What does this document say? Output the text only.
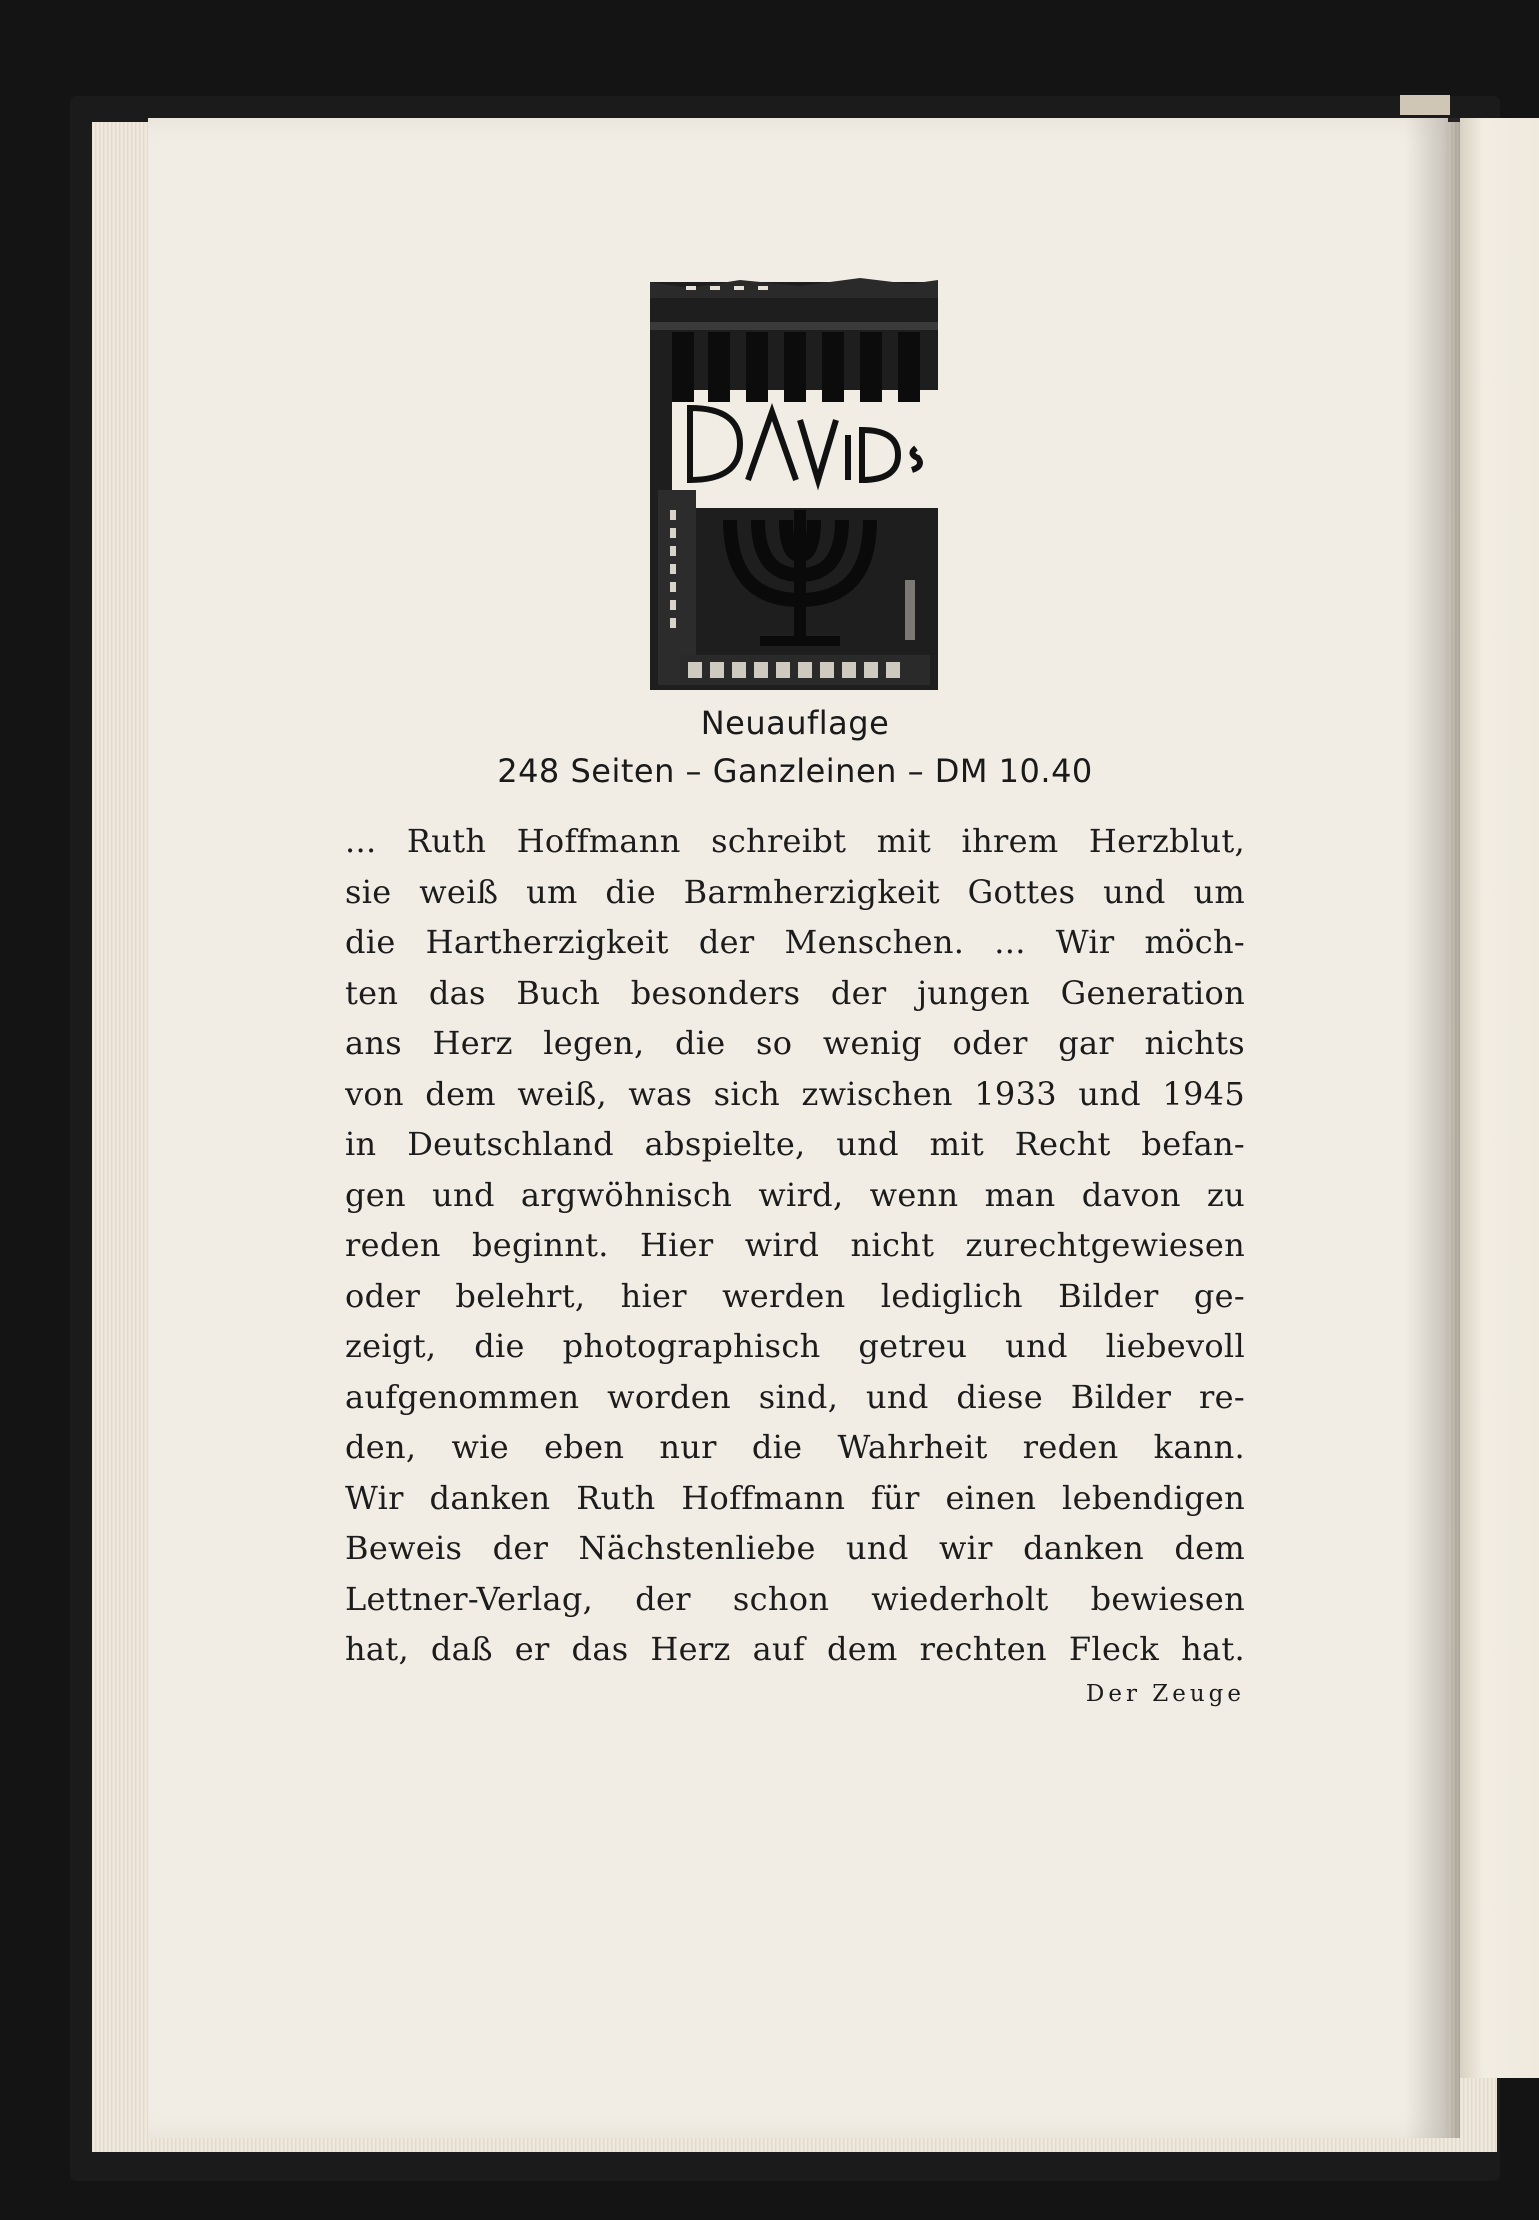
Neuauflage
248 Seiten – Ganzleinen – DM 10.40
... Ruth Hoffmann schreibt mit ihrem Herzblut,
sie weiß um die Barmherzigkeit Gottes und um
die Hartherzigkeit der Menschen. ... Wir möch-
ten das Buch besonders der jungen Generation
ans Herz legen, die so wenig oder gar nichts
von dem weiß, was sich zwischen 1933 und 1945
in Deutschland abspielte, und mit Recht befan-
gen und argwöhnisch wird, wenn man davon zu
reden beginnt. Hier wird nicht zurechtgewiesen
oder belehrt, hier werden lediglich Bilder ge-
zeigt, die photographisch getreu und liebevoll
aufgenommen worden sind, und diese Bilder re-
den, wie eben nur die Wahrheit reden kann.
Wir danken Ruth Hoffmann für einen lebendigen
Beweis der Nächstenliebe und wir danken dem
Lettner-Verlag, der schon wiederholt bewiesen
hat, daß er das Herz auf dem rechten Fleck hat.
Der Zeuge
